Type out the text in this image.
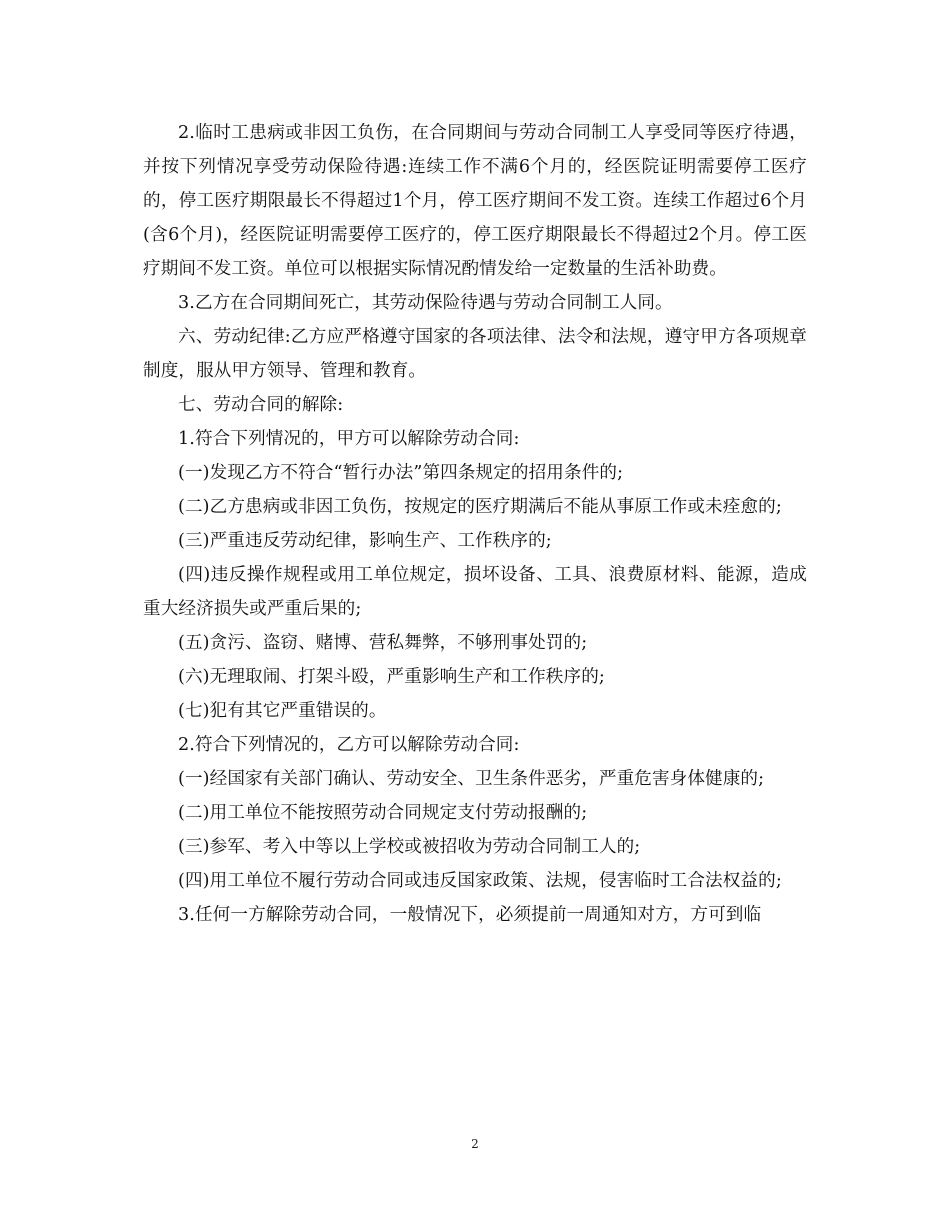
2.临时工患病或非因工负伤，在合同期间与劳动合同制工人享受同等医疗待遇，并按下列情况享受劳动保险待遇:连续工作不满6个月的，经医院证明需要停工医疗的，停工医疗期限最长不得超过1个月，停工医疗期间不发工资。连续工作超过6个月(含6个月)，经医院证明需要停工医疗的，停工医疗期限最长不得超过2个月。停工医疗期间不发工资。单位可以根据实际情况酌情发给一定数量的生活补助费。

3.乙方在合同期间死亡，其劳动保险待遇与劳动合同制工人同。

六、劳动纪律:乙方应严格遵守国家的各项法律、法令和法规，遵守甲方各项规章制度，服从甲方领导、管理和教育。

七、劳动合同的解除:

1.符合下列情况的，甲方可以解除劳动合同:

(一)发现乙方不符合“暂行办法”第四条规定的招用条件的;

(二)乙方患病或非因工负伤，按规定的医疗期满后不能从事原工作或未痊愈的;

(三)严重违反劳动纪律，影响生产、工作秩序的;

(四)违反操作规程或用工单位规定，损坏设备、工具、浪费原材料、能源，造成重大经济损失或严重后果的;

(五)贪污、盗窃、赌博、营私舞弊，不够刑事处罚的;

(六)无理取闹、打架斗殴，严重影响生产和工作秩序的;

(七)犯有其它严重错误的。

2.符合下列情况的，乙方可以解除劳动合同:

(一)经国家有关部门确认、劳动安全、卫生条件恶劣，严重危害身体健康的;

(二)用工单位不能按照劳动合同规定支付劳动报酬的;

(三)参军、考入中等以上学校或被招收为劳动合同制工人的;

(四)用工单位不履行劳动合同或违反国家政策、法规，侵害临时工合法权益的;

3.任何一方解除劳动合同，一般情况下，必须提前一周通知对方，方可到临

2
